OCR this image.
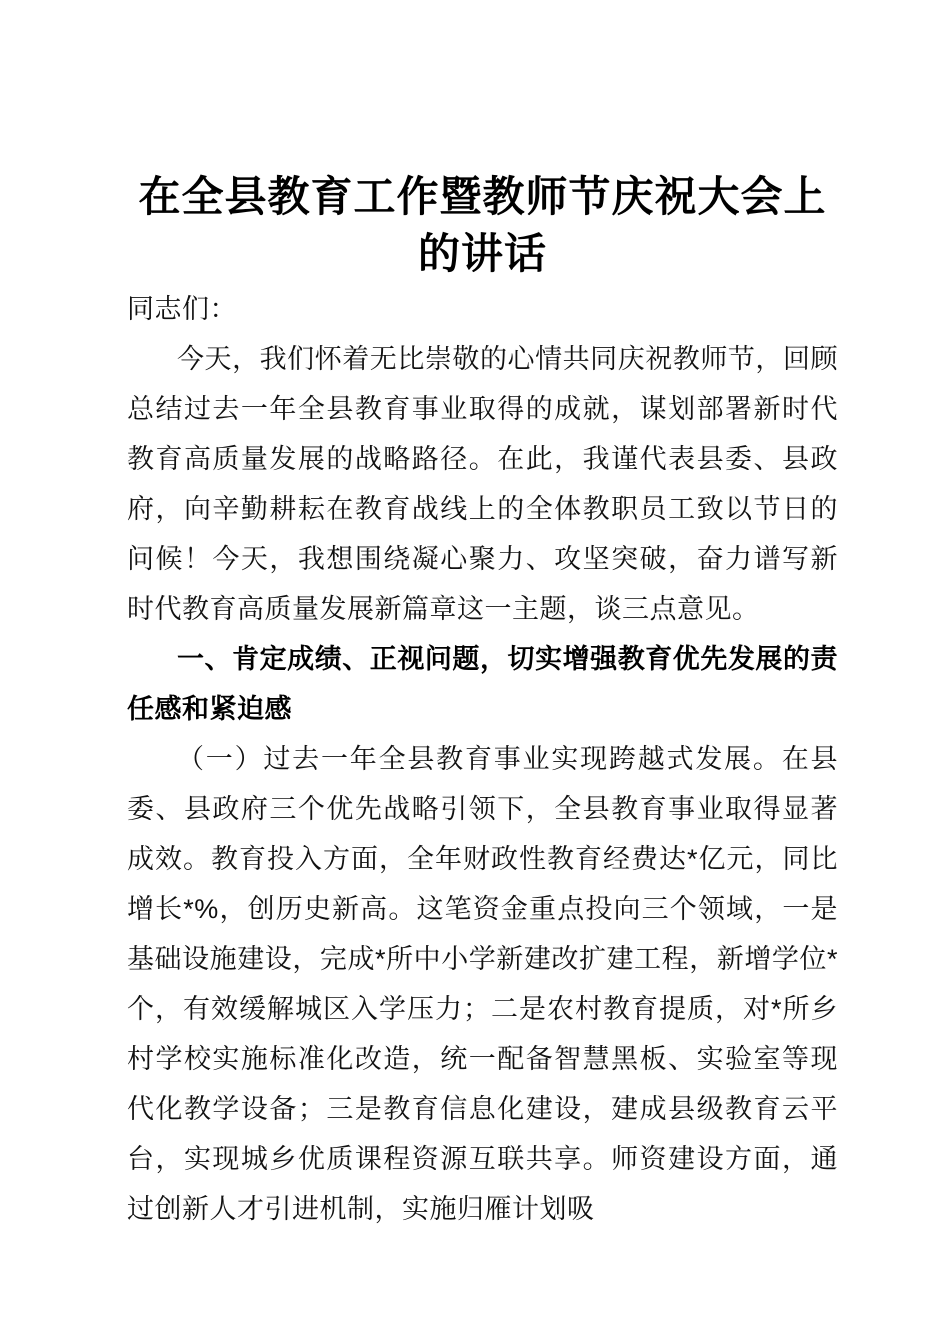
在全县教育工作暨教师节庆祝大会上的讲话

同志们：

今天，我们怀着无比崇敬的心情共同庆祝教师节，回顾总结过去一年全县教育事业取得的成就，谋划部署新时代教育高质量发展的战略路径。在此，我谨代表县委、县政府，向辛勤耕耘在教育战线上的全体教职员工致以节日的问候！今天，我想围绕凝心聚力、攻坚突破，奋力谱写新时代教育高质量发展新篇章这一主题，谈三点意见。

一、肯定成绩、正视问题，切实增强教育优先发展的责任感和紧迫感

（一）过去一年全县教育事业实现跨越式发展。在县委、县政府三个优先战略引领下，全县教育事业取得显著成效。教育投入方面，全年财政性教育经费达*亿元，同比增长*%，创历史新高。这笔资金重点投向三个领域，一是基础设施建设，完成*所中小学新建改扩建工程，新增学位*个，有效缓解城区入学压力；二是农村教育提质，对*所乡村学校实施标准化改造，统一配备智慧黑板、实验室等现代化教学设备；三是教育信息化建设，建成县级教育云平台，实现城乡优质课程资源互联共享。师资建设方面，通过创新人才引进机制，实施归雁计划吸
